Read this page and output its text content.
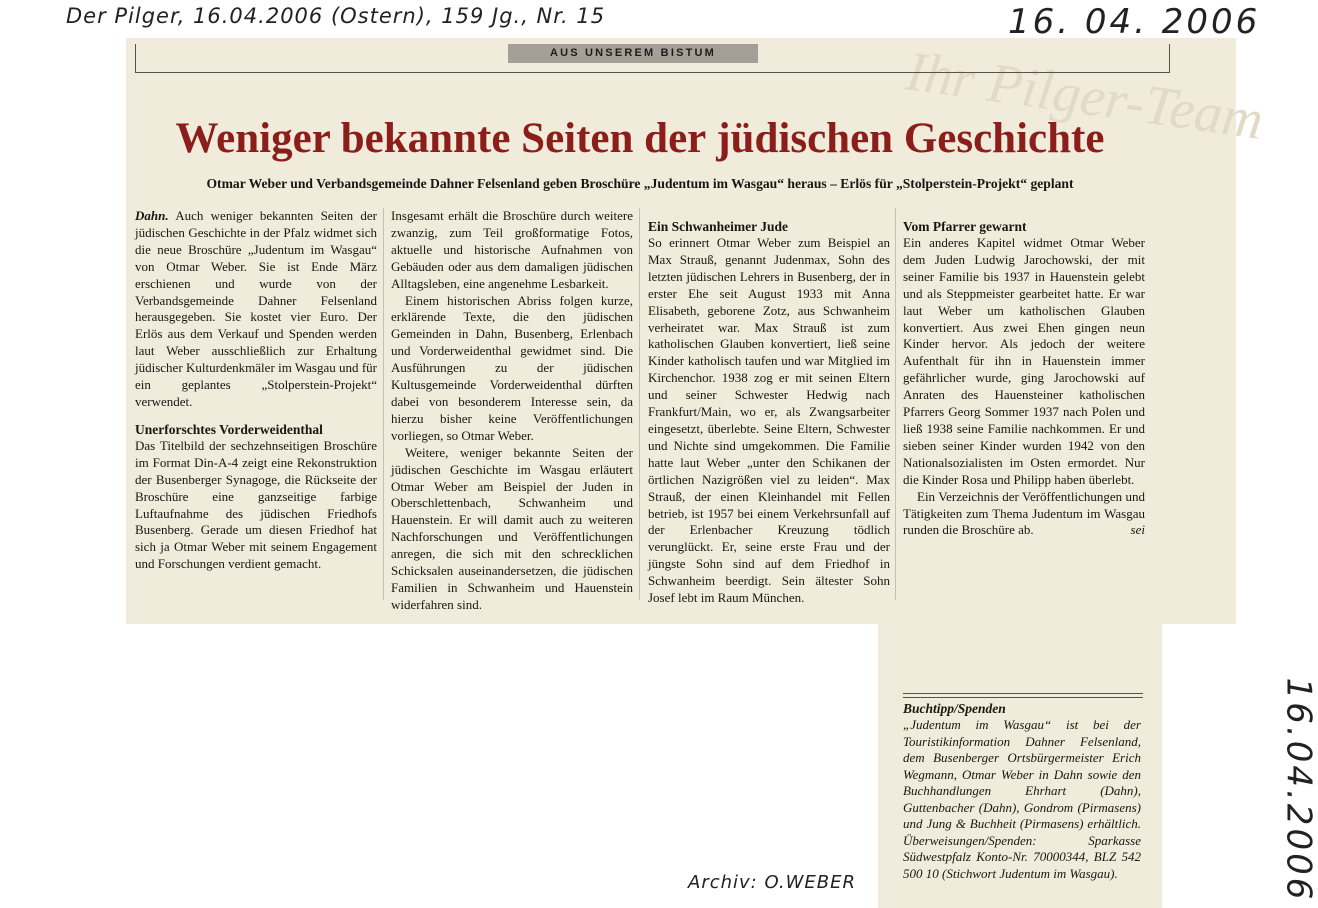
Der Pilger, 16.04.2006 (Ostern), 159 Jg., Nr. 15	16. 04. 2006
Ihr Pilger-Team
AUS UNSEREM BISTUM
Weniger bekannte Seiten der jüdischen Geschichte
Otmar Weber und Verbandsgemeinde Dahner Felsenland geben Broschüre „Judentum im Wasgau“ heraus – Erlös für „Stolperstein-Projekt“ geplant

Dahn. Auch weniger bekannten Seiten der jüdischen Geschichte in der Pfalz widmet sich die neue Broschüre „Judentum im Wasgau“ von Otmar Weber. Sie ist Ende März erschienen und wurde von der Verbandsgemeinde Dahner Felsenland herausgegeben. Sie kostet vier Euro. Der Erlös aus dem Verkauf und Spenden werden laut Weber ausschließlich zur Erhaltung jüdischer Kulturdenkmäler im Wasgau und für ein geplantes „Stolperstein-Projekt“ verwendet.

Unerforschtes Vorderweidenthal

Das Titelbild der sechzehnseitigen Broschüre im Format Din-A-4 zeigt eine Rekonstruktion der Busenberger Synagoge, die Rückseite der Broschüre eine ganzseitige farbige Luftaufnahme des jüdischen Friedhofs Busenberg. Gerade um diesen Friedhof hat sich ja Otmar Weber mit seinem Engagement und Forschungen verdient gemacht.

Insgesamt erhält die Broschüre durch weitere zwanzig, zum Teil großformatige Fotos, aktuelle und historische Aufnahmen von Gebäuden oder aus dem damaligen jüdischen Alltagsleben, eine angenehme Lesbarkeit.

Einem historischen Abriss folgen kurze, erklärende Texte, die den jüdischen Gemeinden in Dahn, Busenberg, Erlenbach und Vorderweidenthal gewidmet sind. Die Ausführungen zu der jüdischen Kultusgemeinde Vorderweidenthal dürften dabei von besonderem Interesse sein, da hierzu bisher keine Veröffentlichungen vorliegen, so Otmar Weber.

Weitere, weniger bekannte Seiten der jüdischen Geschichte im Wasgau erläutert Otmar Weber am Beispiel der Juden in Oberschlettenbach, Schwanheim und Hauenstein. Er will damit auch zu weiteren Nachforschungen und Veröffentlichungen anregen, die sich mit den schrecklichen Schicksalen auseinandersetzen, die jüdischen Familien in Schwanheim und Hauenstein widerfahren sind.

Ein Schwanheimer Jude

So erinnert Otmar Weber zum Beispiel an Max Strauß, genannt Judenmax, Sohn des letzten jüdischen Lehrers in Busenberg, der in erster Ehe seit August 1933 mit Anna Elisabeth, geborene Zotz, aus Schwanheim verheiratet war. Max Strauß ist zum katholischen Glauben konvertiert, ließ seine Kinder katholisch taufen und war Mitglied im Kirchenchor. 1938 zog er mit seinen Eltern und seiner Schwester Hedwig nach Frankfurt/Main, wo er, als Zwangsarbeiter eingesetzt, überlebte. Seine Eltern, Schwester und Nichte sind umgekommen. Die Familie hatte laut Weber „unter den Schikanen der örtlichen Nazigrößen viel zu leiden“. Max Strauß, der einen Kleinhandel mit Fellen betrieb, ist 1957 bei einem Verkehrsunfall auf der Erlenbacher Kreuzung tödlich verunglückt. Er, seine erste Frau und der jüngste Sohn sind auf dem Friedhof in Schwanheim beerdigt. Sein ältester Sohn Josef lebt im Raum München.

Vom Pfarrer gewarnt

Ein anderes Kapitel widmet Otmar Weber dem Juden Ludwig Jarochowski, der mit seiner Familie bis 1937 in Hauenstein gelebt und als Steppmeister gearbeitet hatte. Er war laut Weber um katholischen Glauben konvertiert. Aus zwei Ehen gingen neun Kinder hervor. Als jedoch der weitere Aufenthalt für ihn in Hauenstein immer gefährlicher wurde, ging Jarochowski auf Anraten des Hauensteiner katholischen Pfarrers Georg Sommer 1937 nach Polen und ließ 1938 seine Familie nachkommen. Er und sieben seiner Kinder wurden 1942 von den Nationalsozialisten im Osten ermordet. Nur die Kinder Rosa und Philipp haben überlebt.

Ein Verzeichnis der Veröffentlichungen und Tätigkeiten zum Thema Judentum im Wasgau runden die Broschüre ab.	sei

Buchtipp/Spenden
„Judentum im Wasgau“ ist bei der Touristikinformation Dahner Felsenland, dem Busenberger Ortsbürgermeister Erich Wegmann, Otmar Weber in Dahn sowie den Buchhandlungen Ehrhart (Dahn), Guttenbacher (Dahn), Gondrom (Pirmasens) und Jung & Buchheit (Pirmasens) erhältlich. Überweisungen/Spenden: Sparkasse Südwestpfalz Konto-Nr. 70000344, BLZ 542 500 10 (Stichwort Judentum im Wasgau).
Archiv: O.WEBER	16.04.2006
